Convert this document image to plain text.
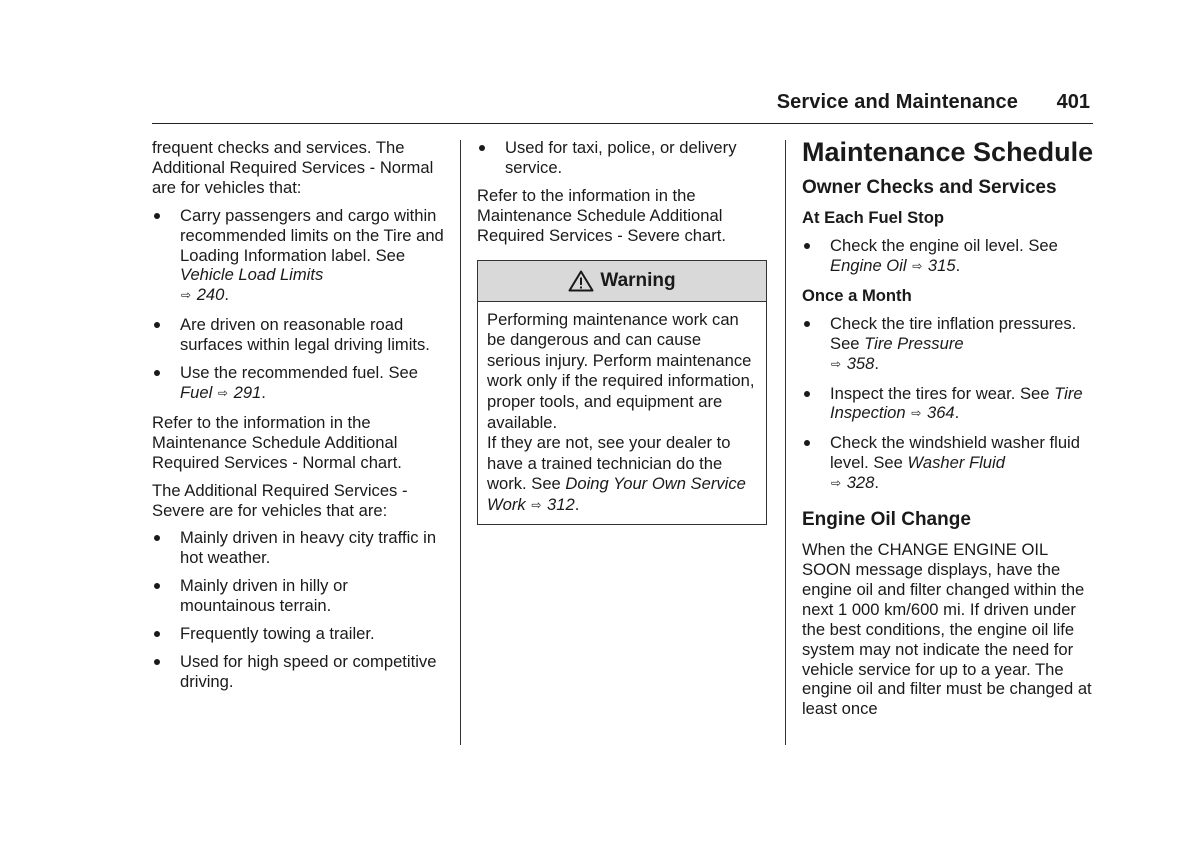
Service and Maintenance 401

frequent checks and services. The Additional Required Services - Normal are for vehicles that:

Carry passengers and cargo within recommended limits on the Tire and Loading Information label. See Vehicle Load Limits
⇨ 240.
Are driven on reasonable road surfaces within legal driving limits.
Use the recommended fuel. See
Fuel ⇨ 291.

Refer to the information in the Maintenance Schedule Additional Required Services - Normal chart.

The Additional Required Services - Severe are for vehicles that are:

Mainly driven in heavy city traffic in hot weather.
Mainly driven in hilly or mountainous terrain.
Frequently towing a trailer.
Used for high speed or competitive driving.
Used for taxi, police, or delivery service.

Refer to the information in the Maintenance Schedule Additional Required Services - Severe chart.

Warning
Performing maintenance work can be dangerous and can cause serious injury. Perform maintenance work only if the required information, proper tools, and equipment are available.
If they are not, see your dealer to have a trained technician do the work. See Doing Your Own Service Work ⇨ 312.
Maintenance Schedule
Owner Checks and Services
At Each Fuel Stop
Check the engine oil level. See Engine Oil ⇨ 315.
Once a Month
Check the tire inflation pressures. See Tire Pressure
⇨ 358.
Inspect the tires for wear. See Tire Inspection ⇨ 364.
Check the windshield washer fluid level. See Washer Fluid
⇨ 328.
Engine Oil Change

When the CHANGE ENGINE OIL SOON message displays, have the engine oil and filter changed within the next 1 000 km/600 mi. If driven under the best conditions, the engine oil life system may not indicate the need for vehicle service for up to a year. The engine oil and filter must be changed at least once
